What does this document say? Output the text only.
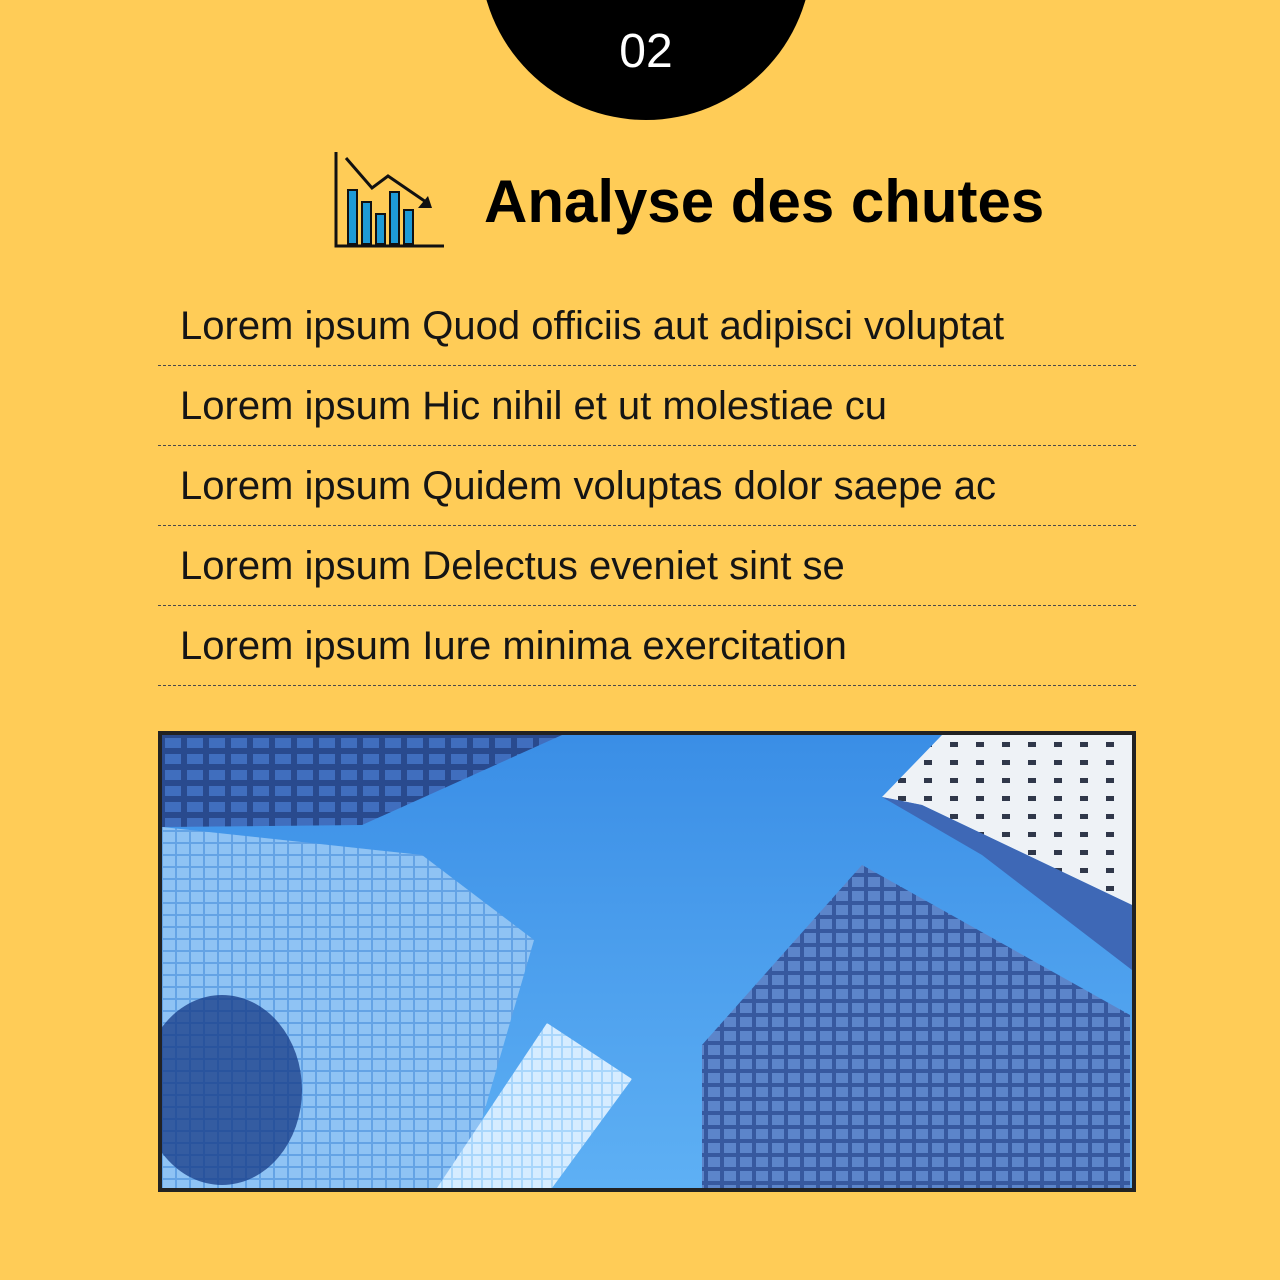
02
Analyse des chutes
Lorem ipsum Quod officiis aut adipisci voluptat
Lorem ipsum Hic nihil et ut molestiae cu
Lorem ipsum Quidem voluptas dolor saepe ac
Lorem ipsum Delectus eveniet sint se
Lorem ipsum Iure minima exercitation
